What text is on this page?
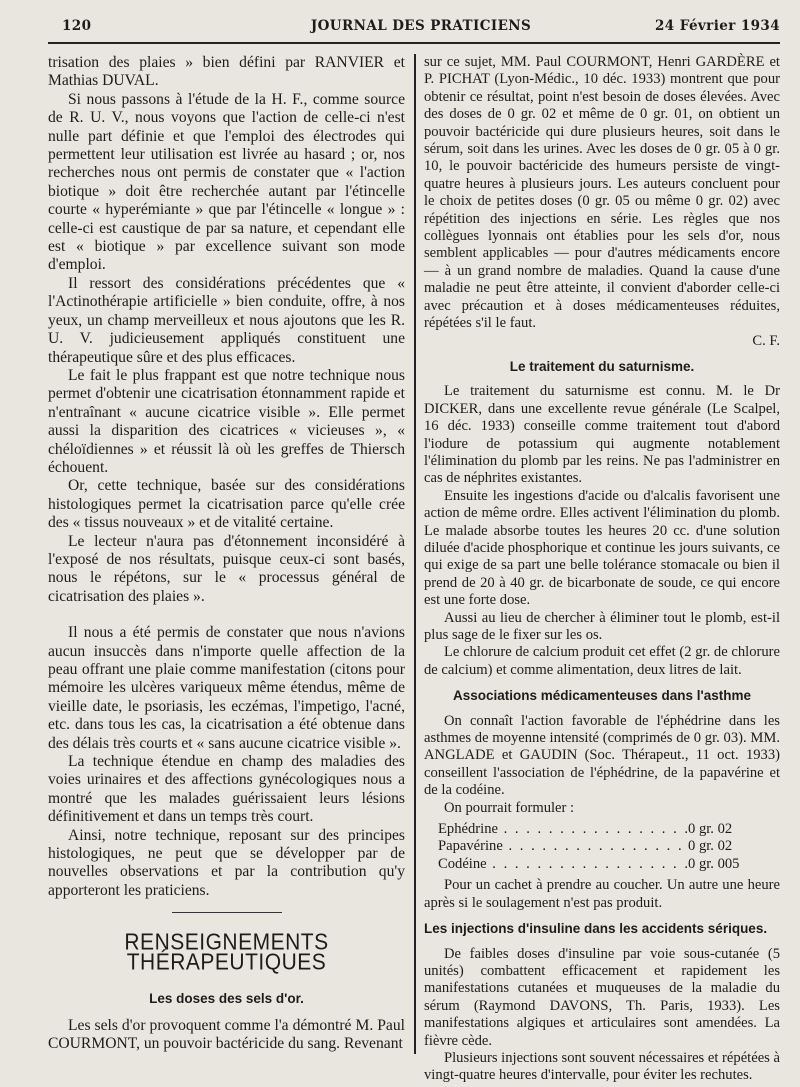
120	JOURNAL DES PRATICIENS	24 Février 1934

trisation des plaies » bien défini par RANVIER et Mathias DUVAL.

Si nous passons à l'étude de la H. F., comme source de R. U. V., nous voyons que l'action de celle-ci n'est nulle part définie et que l'emploi des électrodes qui permettent leur utilisation est livrée au hasard ; or, nos recherches nous ont permis de constater que « l'action biotique » doit être recherchée autant par l'étincelle courte « hyperémiante » que par l'étincelle « longue » : celle-ci est caustique de par sa nature, et cependant elle est « biotique » par excellence suivant son mode d'emploi.

Il ressort des considérations précédentes que « l'Actinothérapie artificielle » bien conduite, offre, à nos yeux, un champ merveilleux et nous ajoutons que les R. U. V. judicieusement appliqués constituent une thérapeutique sûre et des plus efficaces.

Le fait le plus frappant est que notre technique nous permet d'obtenir une cicatrisation étonnamment rapide et n'entraînant « aucune cicatrice visible ». Elle permet aussi la disparition des cicatrices « vicieuses », « chéloïdiennes » et réussit là où les greffes de Thiersch échouent.

Or, cette technique, basée sur des considérations histologiques permet la cicatrisation parce qu'elle crée des « tissus nouveaux » et de vitalité certaine.

Le lecteur n'aura pas d'étonnement inconsidéré à l'exposé de nos résultats, puisque ceux-ci sont basés, nous le répétons, sur le « processus général de cicatrisation des plaies ».

Il nous a été permis de constater que nous n'avions aucun insuccès dans n'importe quelle affection de la peau offrant une plaie comme manifestation (citons pour mémoire les ulcères variqueux même étendus, même de vieille date, le psoriasis, les eczémas, l'impetigo, l'acné, etc. dans tous les cas, la cicatrisation a été obtenue dans des délais très courts et « sans aucune cicatrice visible ».

La technique étendue en champ des maladies des voies urinaires et des affections gynécologiques nous a montré que les malades guérissaient leurs lésions définitivement et dans un temps très court.

Ainsi, notre technique, reposant sur des principes histologiques, ne peut que se développer par de nouvelles observations et par la contribution qu'y apporteront les praticiens.

RENSEIGNEMENTS THÉRAPEUTIQUES
Les doses des sels d'or.

Les sels d'or provoquent comme l'a démontré M. Paul COURMONT, un pouvoir bactéricide du sang. Revenant

sur ce sujet, MM. Paul COURMONT, Henri GARDÈRE et P. PICHAT (Lyon-Médic., 10 déc. 1933) montrent que pour obtenir ce résultat, point n'est besoin de doses élevées. Avec des doses de 0 gr. 02 et même de 0 gr. 01, on obtient un pouvoir bactéricide qui dure plusieurs heures, soit dans le sérum, soit dans les urines. Avec les doses de 0 gr. 05 à 0 gr. 10, le pouvoir bactéricide des humeurs persiste de vingt-quatre heures à plusieurs jours. Les auteurs concluent pour le choix de petites doses (0 gr. 05 ou même 0 gr. 02) avec répétition des injections en série. Les règles que nos collègues lyonnais ont établies pour les sels d'or, nous semblent applicables — pour d'autres médicaments encore — à un grand nombre de maladies. Quand la cause d'une maladie ne peut être atteinte, il convient d'aborder celle-ci avec précaution et à doses médicamenteuses réduites, répétées s'il le faut.

C. F.

Le traitement du saturnisme.

Le traitement du saturnisme est connu. M. le Dr DICKER, dans une excellente revue générale (Le Scalpel, 16 déc. 1933) conseille comme traitement tout d'abord l'iodure de potassium qui augmente notablement l'élimination du plomb par les reins. Ne pas l'administrer en cas de néphrites existantes.

Ensuite les ingestions d'acide ou d'alcalis favorisent une action de même ordre. Elles activent l'élimination du plomb. Le malade absorbe toutes les heures 20 cc. d'une solution diluée d'acide phosphorique et continue les jours suivants, ce qui exige de sa part une belle tolérance stomacale ou bien il prend de 20 à 40 gr. de bicarbonate de soude, ce qui encore est une forte dose.

Aussi au lieu de chercher à éliminer tout le plomb, est-il plus sage de le fixer sur les os.

Le chlorure de calcium produit cet effet (2 gr. de chlorure de calcium) et comme alimentation, deux litres de lait.

Associations médicamenteuses dans l'asthme

On connaît l'action favorable de l'éphédrine dans les asthmes de moyenne intensité (comprimés de 0 gr. 03). MM. ANGLADE et GAUDIN (Soc. Thérapeut., 11 oct. 1933) conseillent l'association de l'éphédrine, de la papavérine et de la codéine.

On pourrait formuler :

Ephédrine . . .	0 gr. 02
Papavérine . . .	0 gr. 02
Codéine . . .	0 gr. 005

Pour un cachet à prendre au coucher. Un autre une heure après si le soulagement n'est pas produit.

Les injections d'insuline dans les accidents sériques.

De faibles doses d'insuline par voie sous-cutanée (5 unités) combattent efficacement et rapidement les manifestations cutanées et muqueuses de la maladie du sérum (Raymond DAVONS, Th. Paris, 1933). Les manifestations algiques et articulaires sont amendées. La fièvre cède.

Plusieurs injections sont souvent nécessaires et répétées à vingt-quatre heures d'intervalle, pour éviter les rechutes.
